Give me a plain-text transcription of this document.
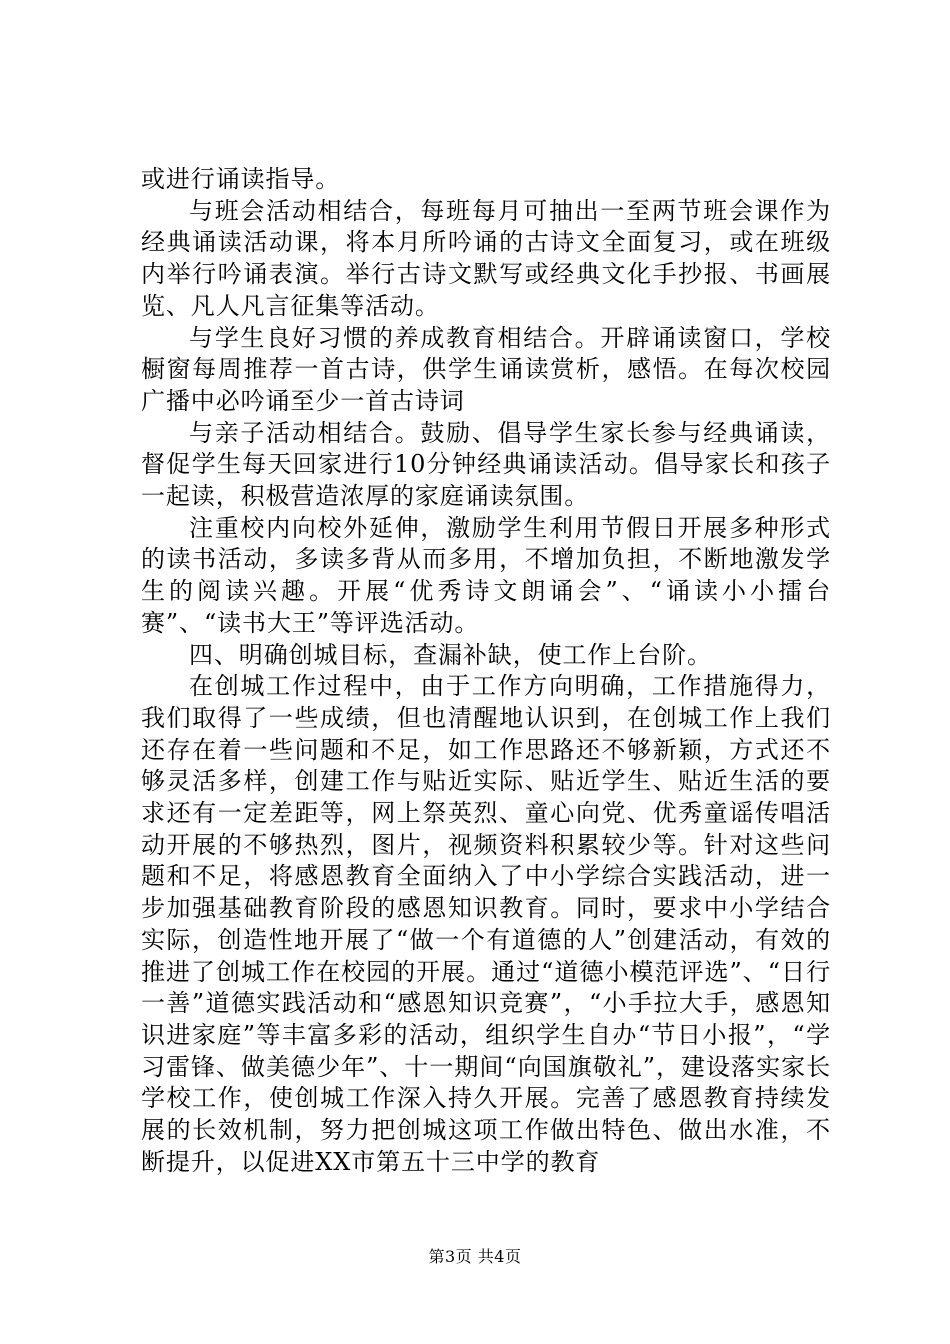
或进行诵读指导。

与班会活动相结合，每班每月可抽出一至两节班会课作为经典诵读活动课，将本月所吟诵的古诗文全面复习，或在班级内举行吟诵表演。举行古诗文默写或经典文化手抄报、书画展览、凡人凡言征集等活动。

与学生良好习惯的养成教育相结合。开辟诵读窗口，学校橱窗每周推荐一首古诗，供学生诵读赏析，感悟。在每次校园广播中必吟诵至少一首古诗词

与亲子活动相结合。鼓励、倡导学生家长参与经典诵读，督促学生每天回家进行10分钟经典诵读活动。倡导家长和孩子一起读，积极营造浓厚的家庭诵读氛围。

注重校内向校外延伸，激励学生利用节假日开展多种形式的读书活动，多读多背从而多用，不增加负担，不断地激发学生的阅读兴趣。开展“优秀诗文朗诵会”、“诵读小小擂台赛”、“读书大王”等评选活动。

四、明确创城目标，查漏补缺，使工作上台阶。

在创城工作过程中，由于工作方向明确，工作措施得力，我们取得了一些成绩，但也清醒地认识到，在创城工作上我们还存在着一些问题和不足，如工作思路还不够新颖，方式还不够灵活多样，创建工作与贴近实际、贴近学生、贴近生活的要求还有一定差距等，网上祭英烈、童心向党、优秀童谣传唱活动开展的不够热烈，图片，视频资料积累较少等。针对这些问题和不足，将感恩教育全面纳入了中小学综合实践活动，进一步加强基础教育阶段的感恩知识教育。同时，要求中小学结合实际，创造性地开展了“做一个有道德的人”创建活动，有效的推进了创城工作在校园的开展。通过“道德小模范评选”、“日行一善”道德实践活动和“感恩知识竞赛”，“小手拉大手，感恩知识进家庭”等丰富多彩的活动，组织学生自办“节日小报”，“学习雷锋、做美德少年”、十一期间“向国旗敬礼”，建设落实家长学校工作，使创城工作深入持久开展。完善了感恩教育持续发展的长效机制，努力把创城这项工作做出特色、做出水准，不断提升，以促进XX市第五十三中学的教育

第3页 共4页
